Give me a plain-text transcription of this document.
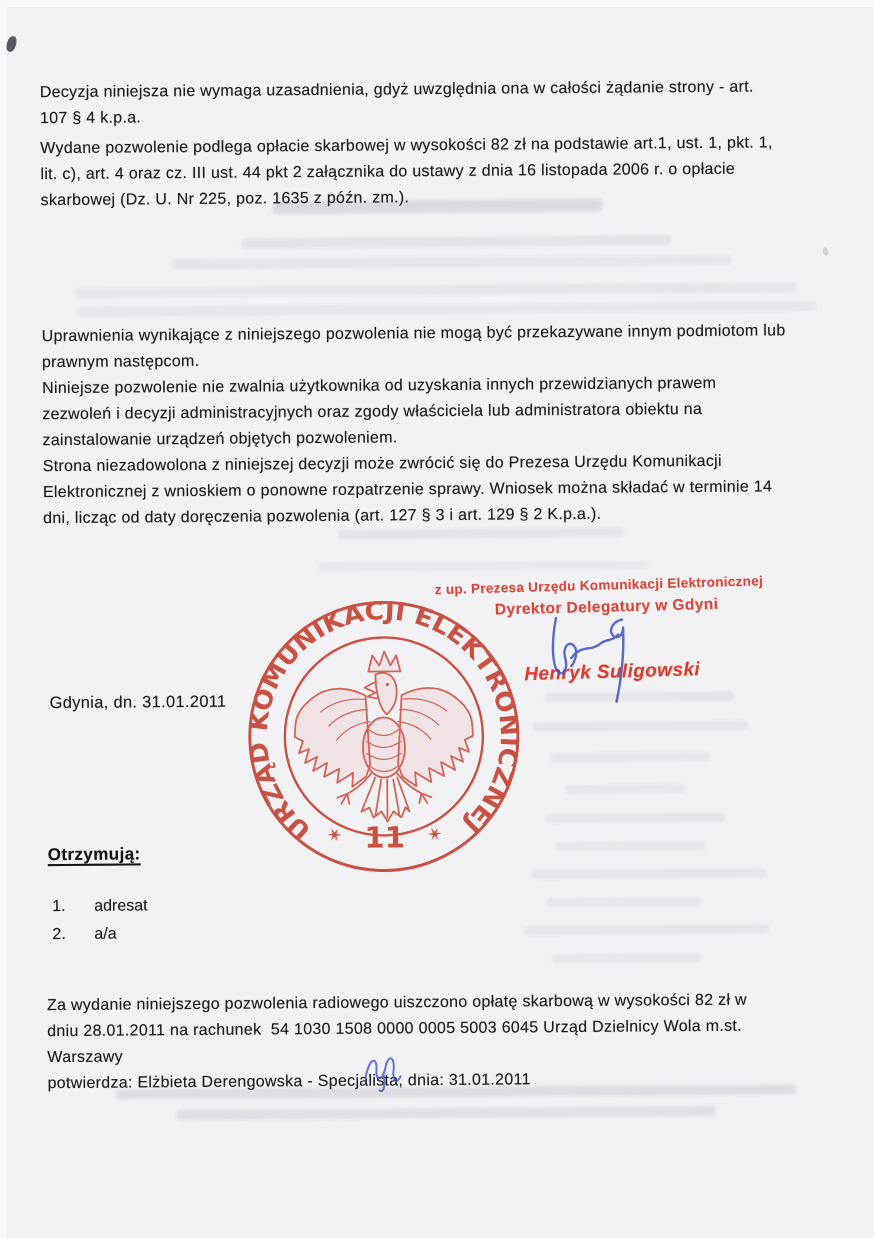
Decyzja niniejsza nie wymaga uzasadnienia, gdyż uwzględnia ona w całości żądanie strony - art.
107 § 4 k.p.a.
Wydane pozwolenie podlega opłacie skarbowej w wysokości 82 zł na podstawie art.1, ust. 1, pkt. 1,
lit. c), art. 4 oraz cz. III ust. 44 pkt 2 załącznika do ustawy z dnia 16 listopada 2006 r. o opłacie
skarbowej (Dz. U. Nr 225, poz. 1635 z późn. zm.).
Uprawnienia wynikające z niniejszego pozwolenia nie mogą być przekazywane innym podmiotom lub
prawnym następcom.
Niniejsze pozwolenie nie zwalnia użytkownika od uzyskania innych przewidzianych prawem
zezwoleń i decyzji administracyjnych oraz zgody właściciela lub administratora obiektu na
zainstalowanie urządzeń objętych pozwoleniem.
Strona niezadowolona z niniejszej decyzji może zwrócić się do Prezesa Urzędu Komunikacji
Elektronicznej z wnioskiem o ponowne rozpatrzenie sprawy. Wniosek można składać w terminie 14
dni, licząc od daty doręczenia pozwolenia (art. 127 § 3 i art. 129 § 2 K.p.a.).
z up. Prezesa Urzędu Komunikacji Elektronicznej
Dyrektor Delegatury w Gdyni
Henryk Suligowski
URZĄD KOMUNIKACJI ELEKTRONICZNEJ
11
✶	✶
Gdynia, dn. 31.01.2011
Otrzymują:
1.	adresat
2.	a/a
Za wydanie niniejszego pozwolenia radiowego uiszczono opłatę skarbową w wysokości 82 zł w
dniu 28.01.2011 na rachunek  54 1030 1508 0000 0005 5003 6045 Urząd Dzielnicy Wola m.st.
Warszawy
potwierdza: Elżbieta Derengowska - Specjalista, dnia: 31.01.2011
